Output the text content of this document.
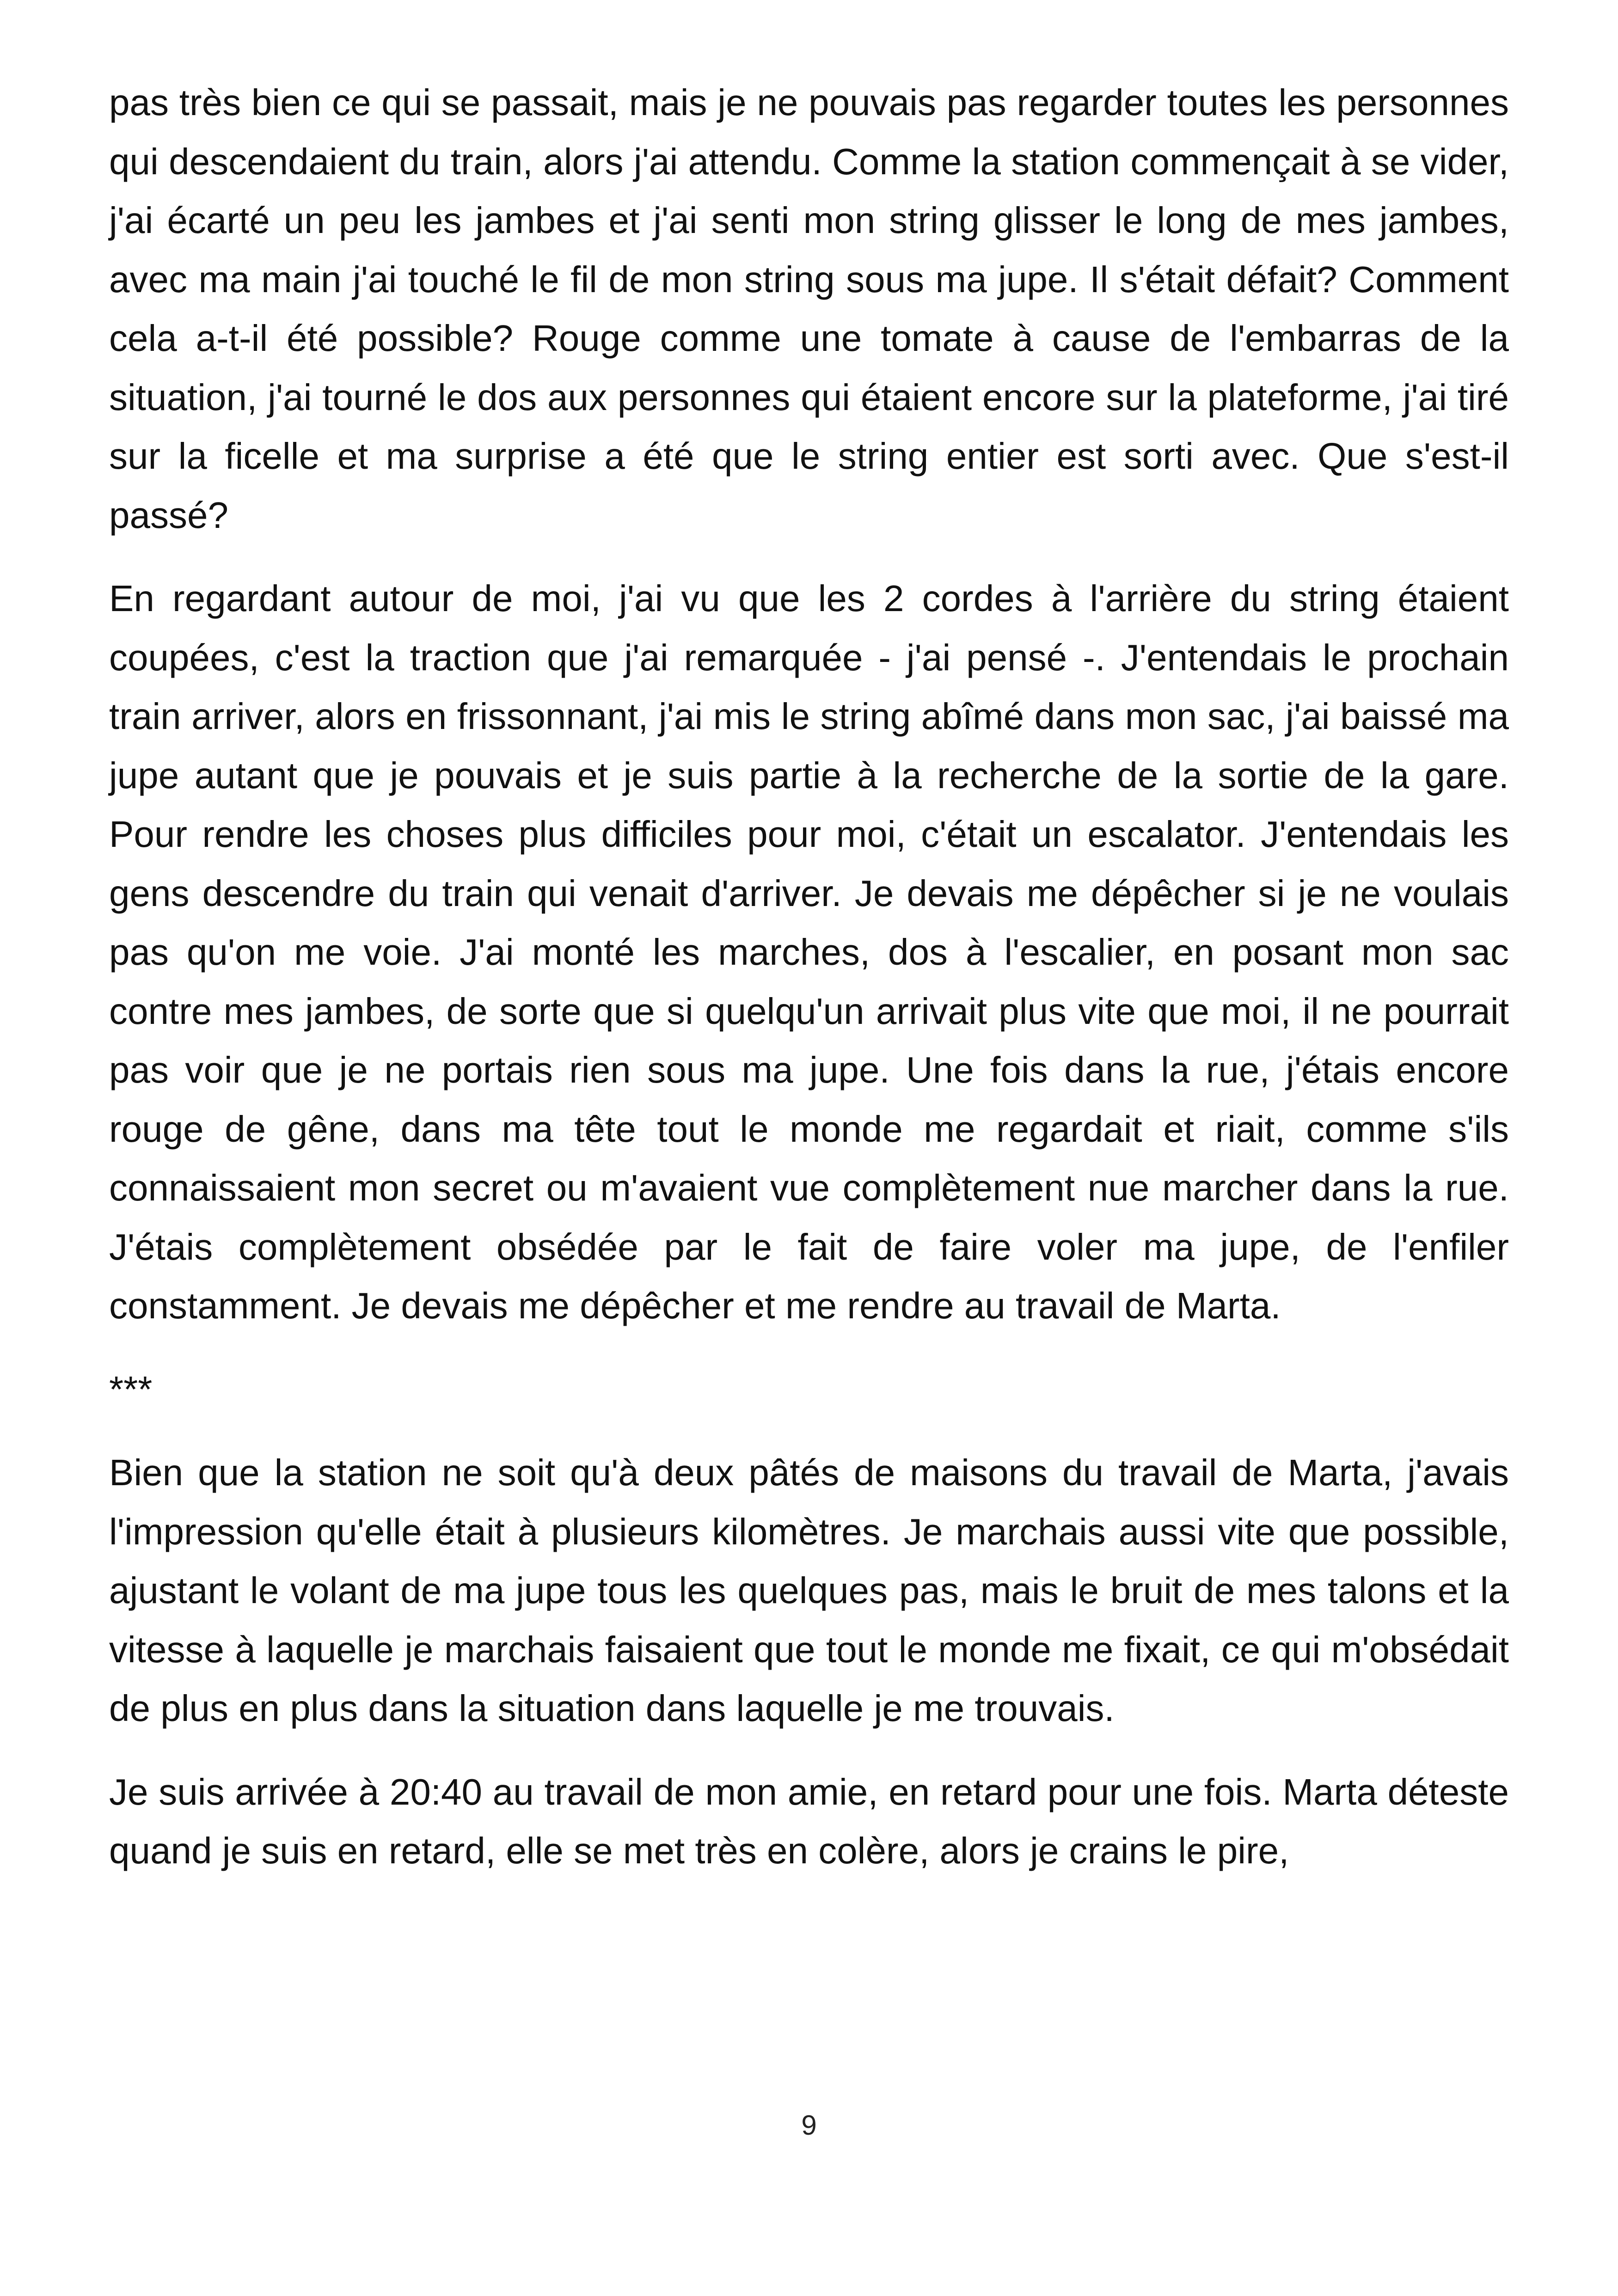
pas très bien ce qui se passait, mais je ne pouvais pas regarder toutes les personnes qui descendaient du train, alors j'ai attendu. Comme la station commençait à se vider, j'ai écarté un peu les jambes et j'ai senti mon string glisser le long de mes jambes, avec ma main j'ai touché le fil de mon string sous ma jupe. Il s'était défait? Comment cela a-t-il été possible? Rouge comme une tomate à cause de l'embarras de la situation, j'ai tourné le dos aux personnes qui étaient encore sur la plateforme, j'ai tiré sur la ficelle et ma surprise a été que le string entier est sorti avec. Que s'est-il passé?

En regardant autour de moi, j'ai vu que les 2 cordes à l'arrière du string étaient coupées, c'est la traction que j'ai remarquée - j'ai pensé -. J'entendais le prochain train arriver, alors en frissonnant, j'ai mis le string abîmé dans mon sac, j'ai baissé ma jupe autant que je pouvais et je suis partie à la recherche de la sortie de la gare. Pour rendre les choses plus difficiles pour moi, c'était un escalator. J'entendais les gens descendre du train qui venait d'arriver. Je devais me dépêcher si je ne voulais pas qu'on me voie. J'ai monté les marches, dos à l'escalier, en posant mon sac contre mes jambes, de sorte que si quelqu'un arrivait plus vite que moi, il ne pourrait pas voir que je ne portais rien sous ma jupe. Une fois dans la rue, j'étais encore rouge de gêne, dans ma tête tout le monde me regardait et riait, comme s'ils connaissaient mon secret ou m'avaient vue complètement nue marcher dans la rue. J'étais complètement obsédée par le fait de faire voler ma jupe, de l'enfiler constamment. Je devais me dépêcher et me rendre au travail de Marta.

***

Bien que la station ne soit qu'à deux pâtés de maisons du travail de Marta, j'avais l'impression qu'elle était à plusieurs kilomètres. Je marchais aussi vite que possible, ajustant le volant de ma jupe tous les quelques pas, mais le bruit de mes talons et la vitesse à laquelle je marchais faisaient que tout le monde me fixait, ce qui m'obsédait de plus en plus dans la situation dans laquelle je me trouvais.

Je suis arrivée à 20:40 au travail de mon amie, en retard pour une fois. Marta déteste quand je suis en retard, elle se met très en colère, alors je crains le pire,

9
